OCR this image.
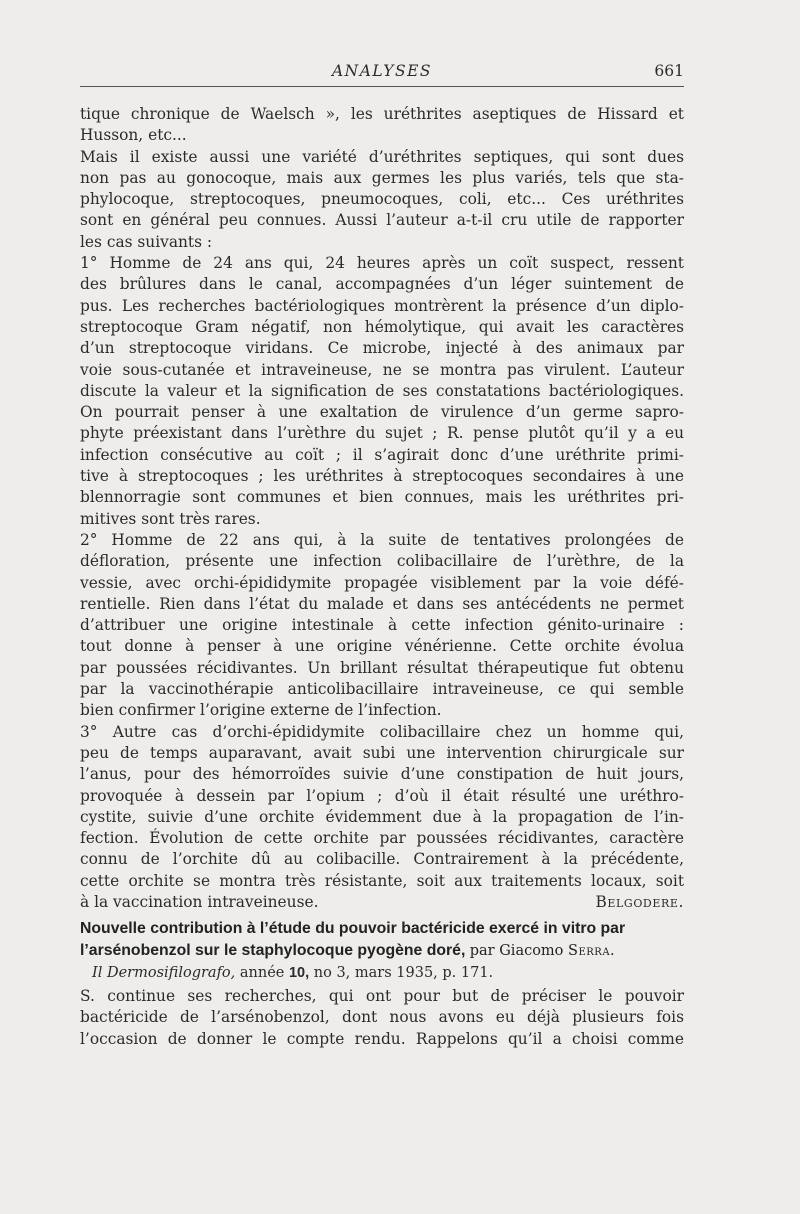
ANALYSES	661
tique chronique de Waelsch », les uréthrites aseptiques de Hissard et
Husson, etc...
Mais il existe aussi une variété d’uréthrites septiques, qui sont dues
non pas au gonocoque, mais aux germes les plus variés, tels que sta-
phylocoque, streptocoques, pneumocoques, coli, etc... Ces uréthrites
sont en général peu connues. Aussi l’auteur a-t-il cru utile de rapporter
les cas suivants :
1° Homme de 24 ans qui, 24 heures après un coït suspect, ressent
des brûlures dans le canal, accompagnées d’un léger suintement de
pus. Les recherches bactériologiques montrèrent la présence d’un diplo-
streptocoque Gram négatif, non hémolytique, qui avait les caractères
d’un streptocoque viridans. Ce microbe, injecté à des animaux par
voie sous-cutanée et intraveineuse, ne se montra pas virulent. L’auteur
discute la valeur et la signification de ses constatations bactériologiques.
On pourrait penser à une exaltation de virulence d’un germe sapro-
phyte préexistant dans l’urèthre du sujet ; R. pense plutôt qu’il y a eu
infection consécutive au coït ; il s’agirait donc d’une uréthrite primi-
tive à streptocoques ; les uréthrites à streptocoques secondaires à une
blennorragie sont communes et bien connues, mais les uréthrites pri-
mitives sont très rares.
2° Homme de 22 ans qui, à la suite de tentatives prolongées de
défloration, présente une infection colibacillaire de l’urèthre, de la
vessie, avec orchi-épididymite propagée visiblement par la voie défé-
rentielle. Rien dans l’état du malade et dans ses antécédents ne permet
d’attribuer une origine intestinale à cette infection génito-urinaire :
tout donne à penser à une origine vénérienne. Cette orchite évolua
par poussées récidivantes. Un brillant résultat thérapeutique fut obtenu
par la vaccinothérapie anticolibacillaire intraveineuse, ce qui semble
bien confirmer l’origine externe de l’infection.
3° Autre cas d’orchi-épididymite colibacillaire chez un homme qui,
peu de temps auparavant, avait subi une intervention chirurgicale sur
l’anus, pour des hémorroïdes suivie d’une constipation de huit jours,
provoquée à dessein par l’opium ; d’où il était résulté une uréthro-
cystite, suivie d’une orchite évidemment due à la propagation de l’in-
fection. Évolution de cette orchite par poussées récidivantes, caractère
connu de l’orchite dû au colibacille. Contrairement à la précédente,
cette orchite se montra très résistante, soit aux traitements locaux, soit
à la vaccination intraveineuse.	Belgodere.
Nouvelle contribution à l’étude du pouvoir bactéricide exercé in vitro par
l’arsénobenzol sur le staphylocoque pyogène doré, par Giacomo Serra.
Il Dermosifilografo, année 10, no 3, mars 1935, p. 171.
S. continue ses recherches, qui ont pour but de préciser le pouvoir
bactéricide de l’arsénobenzol, dont nous avons eu déjà plusieurs fois
l’occasion de donner le compte rendu. Rappelons qu’il a choisi comme
